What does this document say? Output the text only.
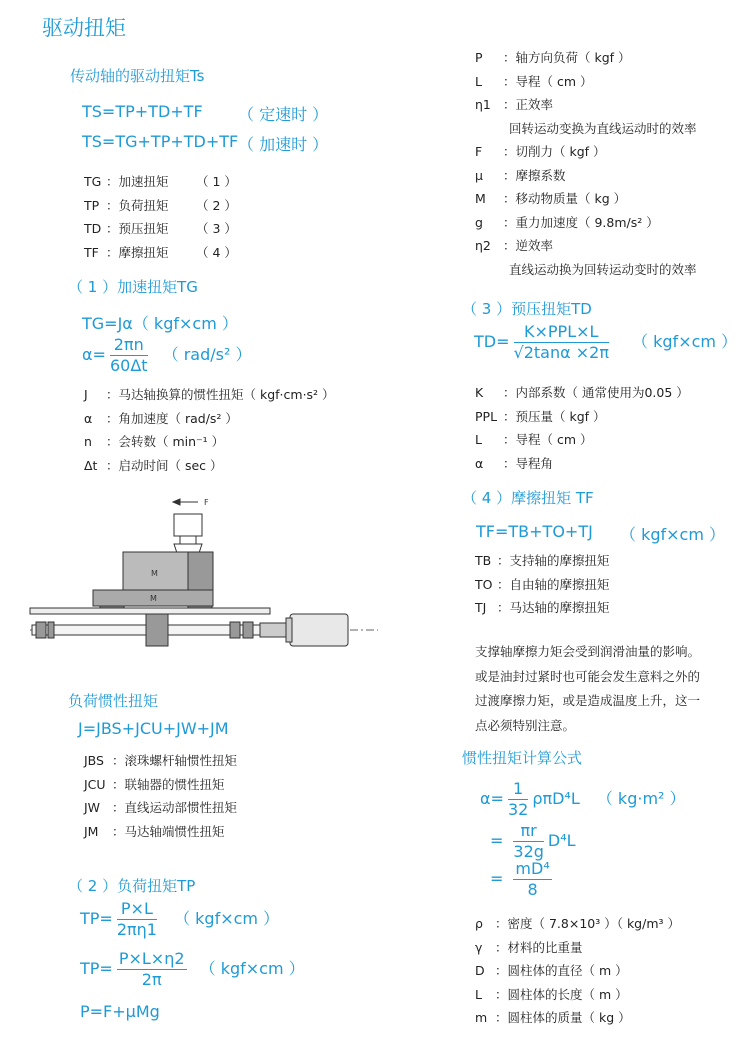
驱动扭矩
传动轴的驱动扭矩Ts
TS=TP+TD+TF （ 定速时 ）
TS=TG+TP+TD+TF （ 加速时 ）
TG ：加速扭矩	（ 1 ）
TP ：负荷扭矩	（ 2 ）
TD ：预压扭矩	（ 3 ）
TF ：摩擦扭矩	（ 4 ）
（ 1 ）加速扭矩TG
TG=Jα（ kgf×cm ）
$\alpha= \frac{2\pi n}{60\Delta t}$ （ rad/s² ）
J	：马达轴换算的惯性扭矩（ kgf·cm·s² ）
α	：角加速度（ rad/s² ）
n	：会转数（ min⁻¹ ）
Δt ：启动时间（ sec ）
M
M
F
负荷惯性扭矩
J=JBS+JCU+JW+JM
JBS ：滚珠螺杆轴惯性扭矩
JCU ：联轴器的惯性扭矩
JW ：直线运动部惯性扭矩
JM	：马达轴端惯性扭矩
（ 2 ）负荷扭矩TP
$TP= \frac{P\times L}{2\pi\eta 1}$ （ kgf×cm ）
$TP= \frac{P\times L\times\eta 2}{2\pi}$ （ kgf×cm ）
P=F+μMg
P	：轴方向负荷（ kgf ）
L	：导程（ cm ）
η1 ：正效率
回转运动变换为直线运动时的效率
F	：切削力（ kgf ）
μ	：摩擦系数
M	：移动物质量（ kg ）
g	：重力加速度（ 9.8m/s² ）
η2 ：逆效率
直线运动换为回转运动变时的效率
（ 3 ）预压扭矩TD
$TD= \frac{\text{K×PPL×L}}{√2\tan\alpha \times 2\pi}$ （ kgf×cm ）
K	：内部系数（ 通常使用为0.05 ）
PPL ：预压量（ kgf ）
L	：导程（ cm ）
α	：导程角
（ 4 ）摩擦扭矩 TF
TF=TB+TO+TJ （ kgf×cm ）
TB ：支持轴的摩擦扭矩
TO ：自由轴的摩擦扭矩
TJ ：马达轴的摩擦扭矩
支撑轴摩擦力矩会受到润滑油量的影响。
或是油封过紧时也可能会发生意料之外的
过渡摩擦力矩，或是造成温度上升，这一
点必须特别注意。
惯性扭矩计算公式
$\alpha= \frac{1}{32} \rho\pi D^4L$ （ kg·m² ）
= $\frac{\pi r}{32g} D^4L$
= $\frac{\text{mD⁴}}{8}$
ρ ：密度（ 7.8×10³ ）（ kg/m³ ）
γ	：材料的比重量
D ：圆柱体的直径（ m ）
L	：圆柱体的长度（ m ）
m ：圆柱体的质量（ kg ）
